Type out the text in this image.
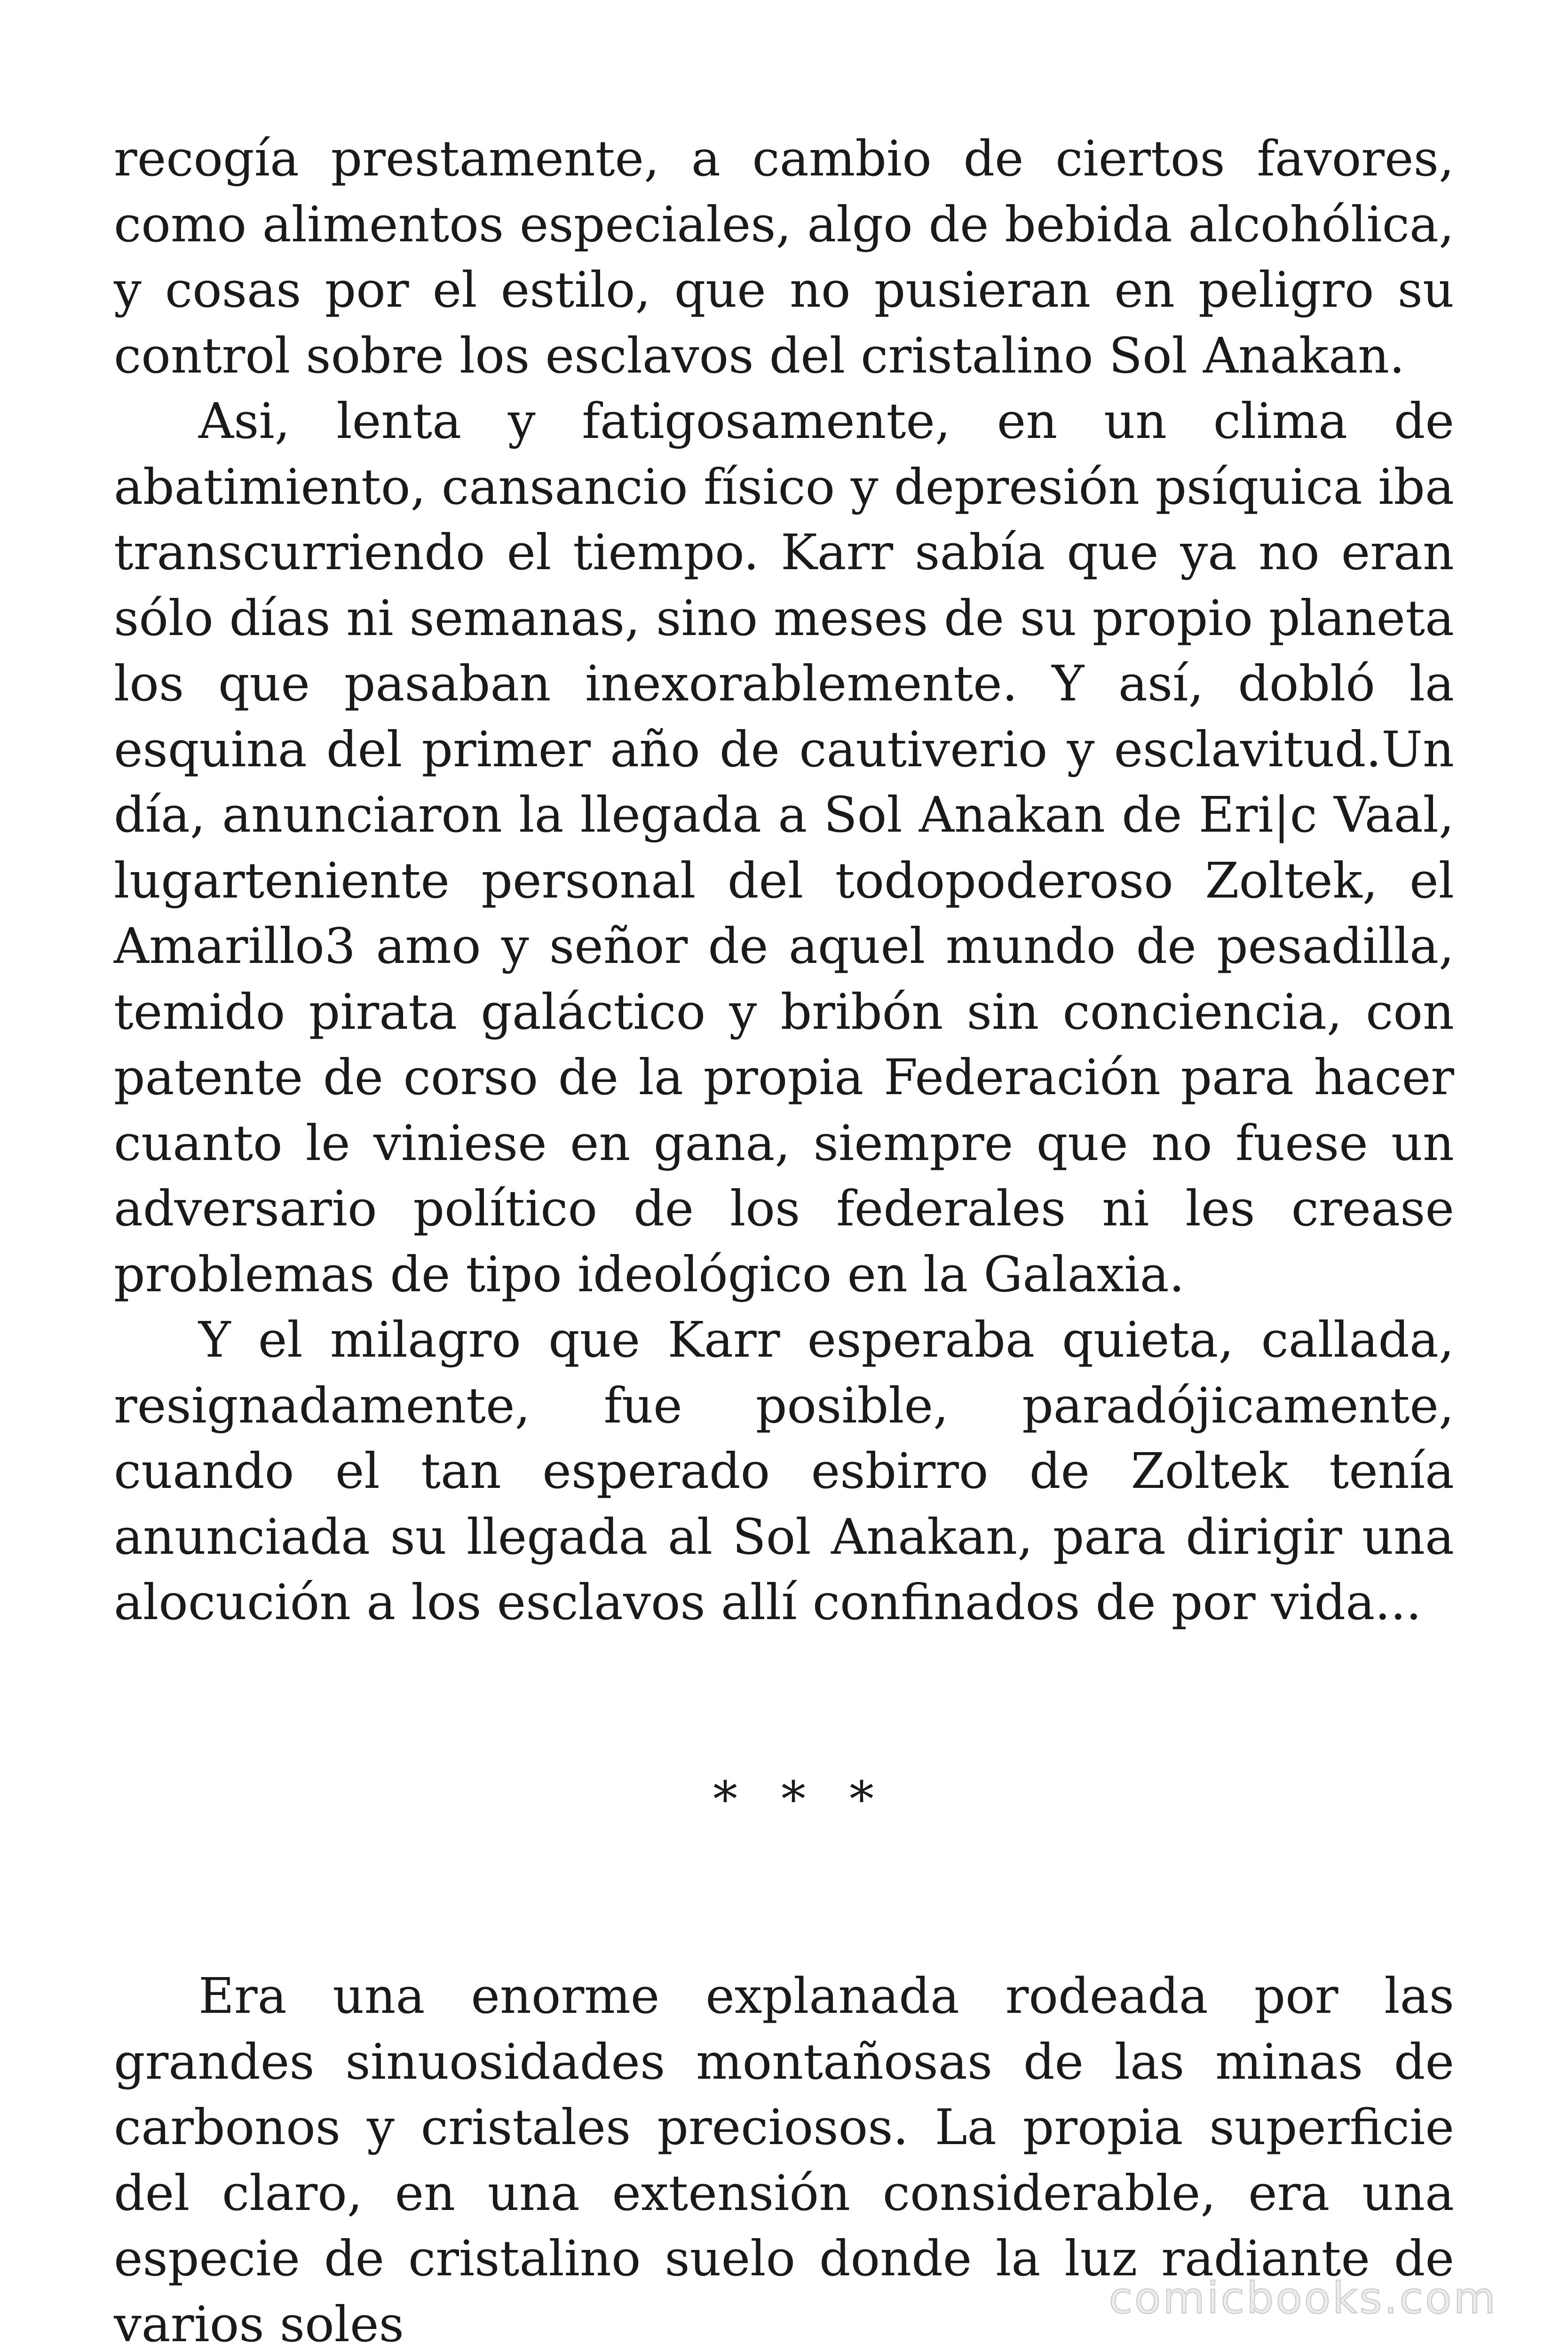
recogía prestamente, a cambio de ciertos favores, como alimentos especiales, algo de bebida alcohólica, y cosas por el estilo, que no pusieran en peligro su control sobre los esclavos del cristalino Sol Anakan.

Asi, lenta y fatigosamente, en un clima de abatimiento, cansancio físico y depresión psíquica iba transcurriendo el tiempo. Karr sabía que ya no eran sólo días ni semanas, sino meses de su propio planeta los que pasaban inexorablemente. Y así, dobló la esquina del primer año de cautiverio y esclavitud.Un día, anunciaron la llegada a Sol Anakan de Eri|c Vaal, lugarteniente personal del todopoderoso Zoltek, el Amarillo3 amo y señor de aquel mundo de pesadilla, temido pirata galáctico y bribón sin conciencia, con patente de corso de la propia Federación para hacer cuanto le viniese en gana, siempre que no fuese un adversario político de los federales ni les crease problemas de tipo ideológico en la Galaxia.

Y el milagro que Karr esperaba quieta, callada, resignadamente, fue posible, paradójicamente, cuando el tan esperado esbirro de Zoltek tenía anunciada su llegada al Sol Anakan, para dirigir una alocución a los esclavos allí confinados de por vida...

* * *

Era una enorme explanada rodeada por las grandes sinuosidades montañosas de las minas de carbonos y cristales preciosos. La propia superficie del claro, en una extensión considerable, era una especie de cristalino suelo donde la luz radiante de varios soles	comicbooks.com
